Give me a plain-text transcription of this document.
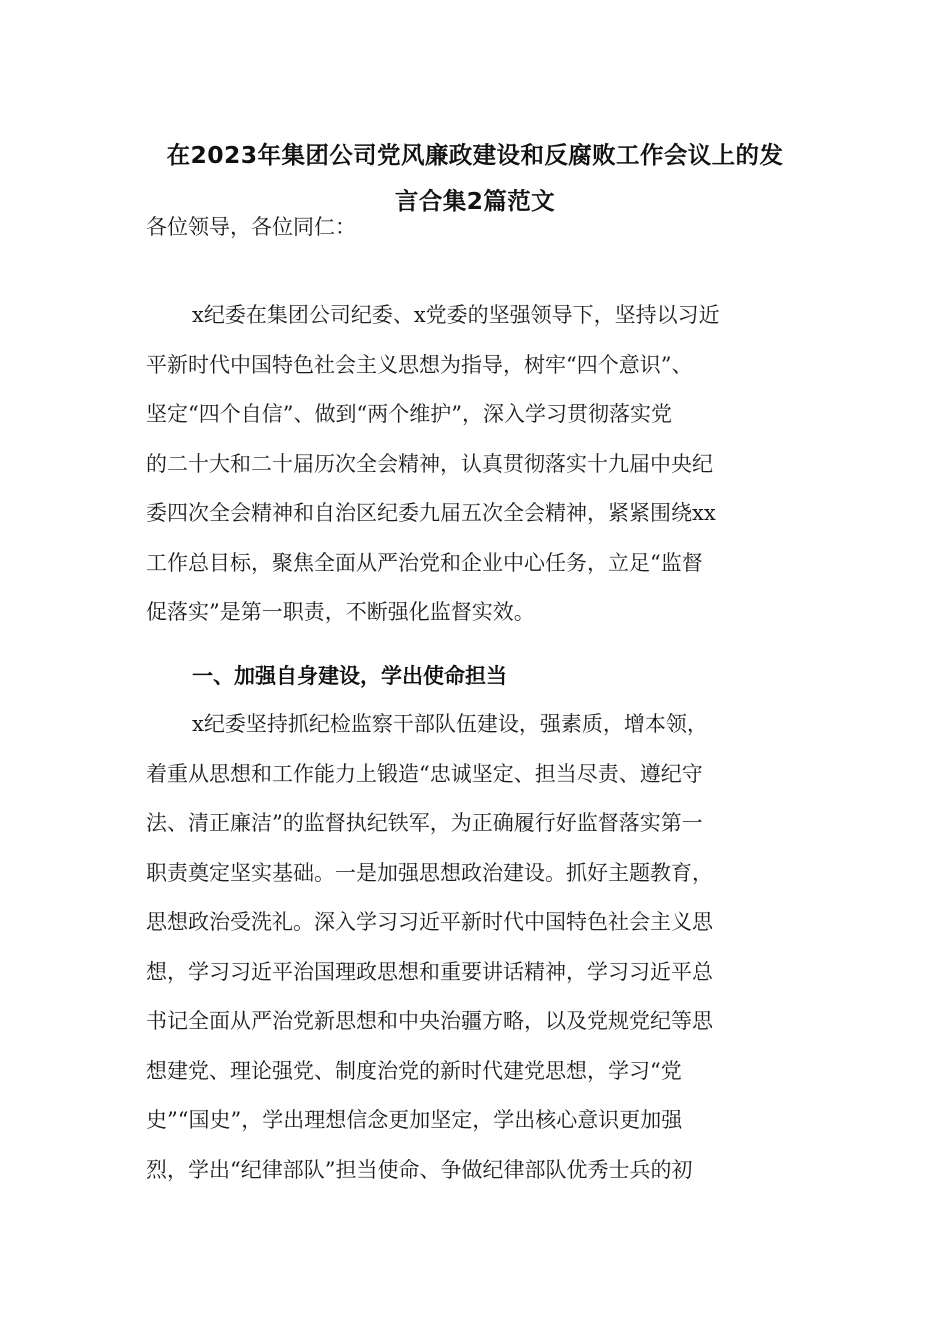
在2023年集团公司党风廉政建设和反腐败工作会议上的发
言合集2篇范文

各位领导，各位同仁：

x纪委在集团公司纪委、x党委的坚强领导下，坚持以习近
平新时代中国特色社会主义思想为指导，树牢“四个意识”、
坚定“四个自信”、做到“两个维护”，深入学习贯彻落实党
的二十大和二十届历次全会精神，认真贯彻落实十九届中央纪
委四次全会精神和自治区纪委九届五次全会精神，紧紧围绕xx
工作总目标，聚焦全面从严治党和企业中心任务，立足“监督
促落实”是第一职责，不断强化监督实效。

一、加强自身建设，学出使命担当

x纪委坚持抓纪检监察干部队伍建设，强素质，增本领，
着重从思想和工作能力上锻造“忠诚坚定、担当尽责、遵纪守
法、清正廉洁”的监督执纪铁军，为正确履行好监督落实第一
职责奠定坚实基础。一是加强思想政治建设。抓好主题教育，
思想政治受洗礼。深入学习习近平新时代中国特色社会主义思
想，学习习近平治国理政思想和重要讲话精神，学习习近平总
书记全面从严治党新思想和中央治疆方略，以及党规党纪等思
想建党、理论强党、制度治党的新时代建党思想，学习“党
史”“国史”，学出理想信念更加坚定，学出核心意识更加强
烈，学出“纪律部队”担当使命、争做纪律部队优秀士兵的初
